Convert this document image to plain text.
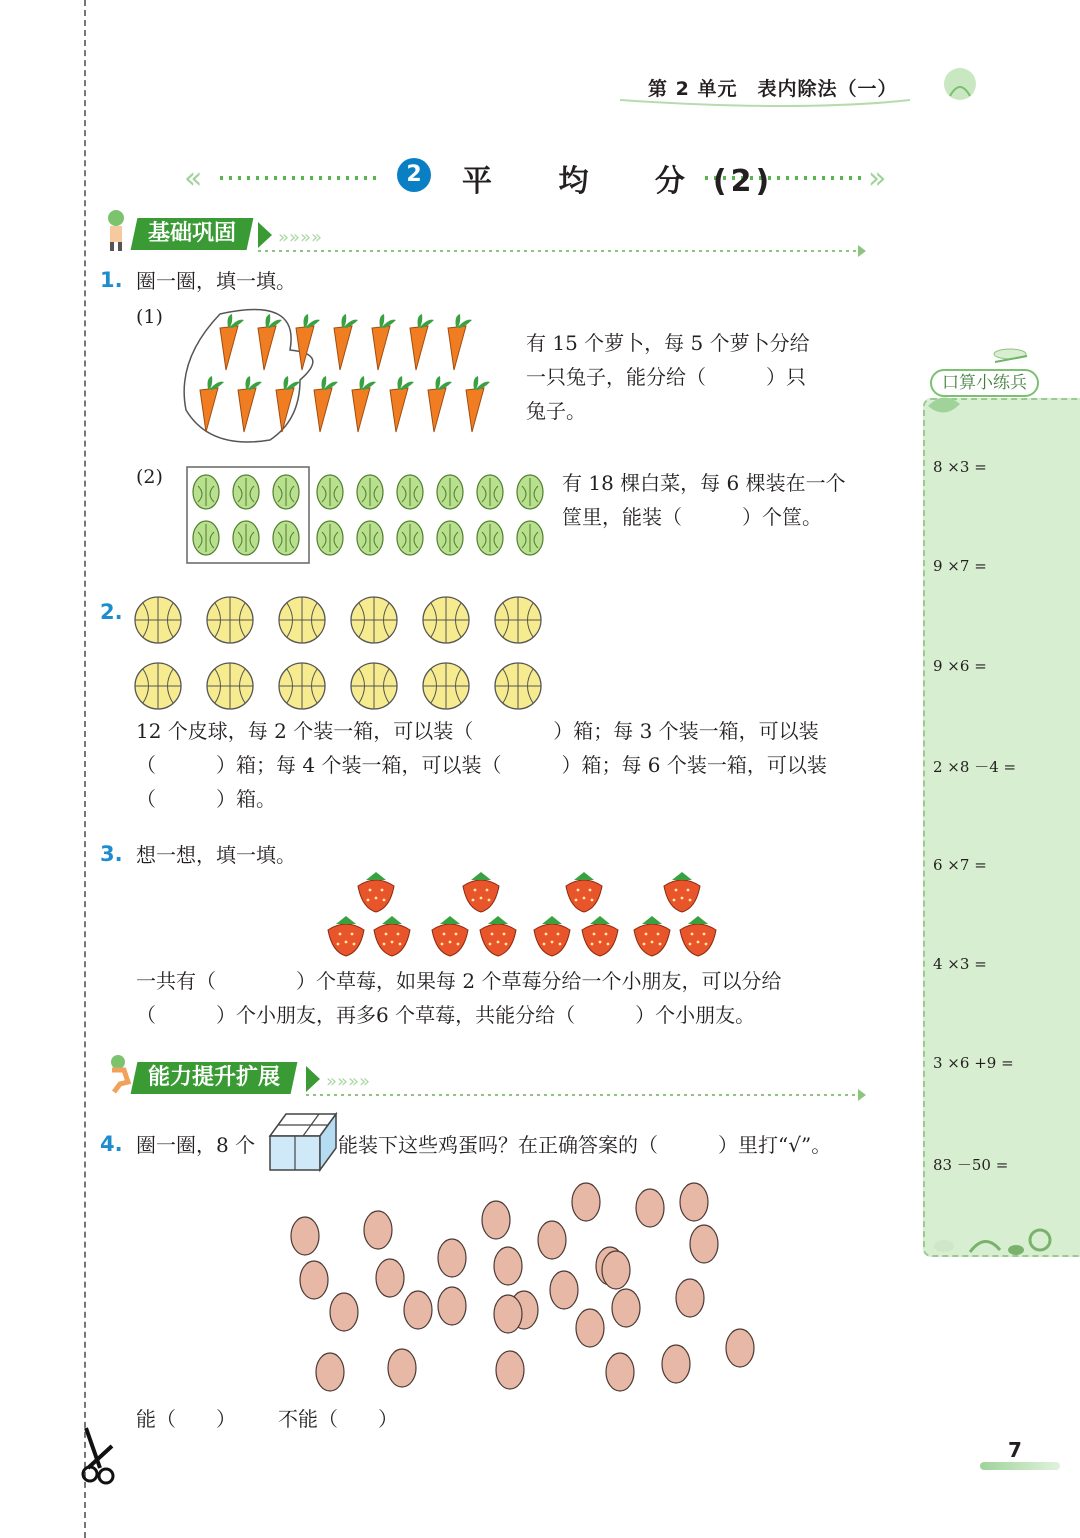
第 2 单元　表内除法（一）
«	»
2	平 均 分(2)
基础巩固	»»»»
1. 圈一圈，填一填。
(1)
有 15 个萝卜，每 5 个萝卜分给
一只兔子，能分给（　　　）只
兔子。
(2)	有 18 棵白菜，每 6 棵装在一个
筐里，能装（　　　）个筐。
2.
12 个皮球，每 2 个装一箱，可以装（　　　　）箱；每 3 个装一箱，可以装
（　　　）箱；每 4 个装一箱，可以装（　　　）箱；每 6 个装一箱，可以装
（　　　）箱。
3. 想一想，填一填。
一共有（　　　　）个草莓，如果每 2 个草莓分给一个小朋友，可以分给
（　　　）个小朋友，再多6 个草莓，共能分给（　　　）个小朋友。
能力提升扩展	»»»»
4. 圈一圈，8 个	能装下这些鸡蛋吗？在正确答案的（　　　）里打“√”。
能（　　） 不能（　　）
口算小练兵
8 ×3 =
9 ×7 =
9 ×6 =
2 ×8 －4 =
6 ×7 =
4 ×3 =
3 ×6 +9 =
83 －50 =
7
